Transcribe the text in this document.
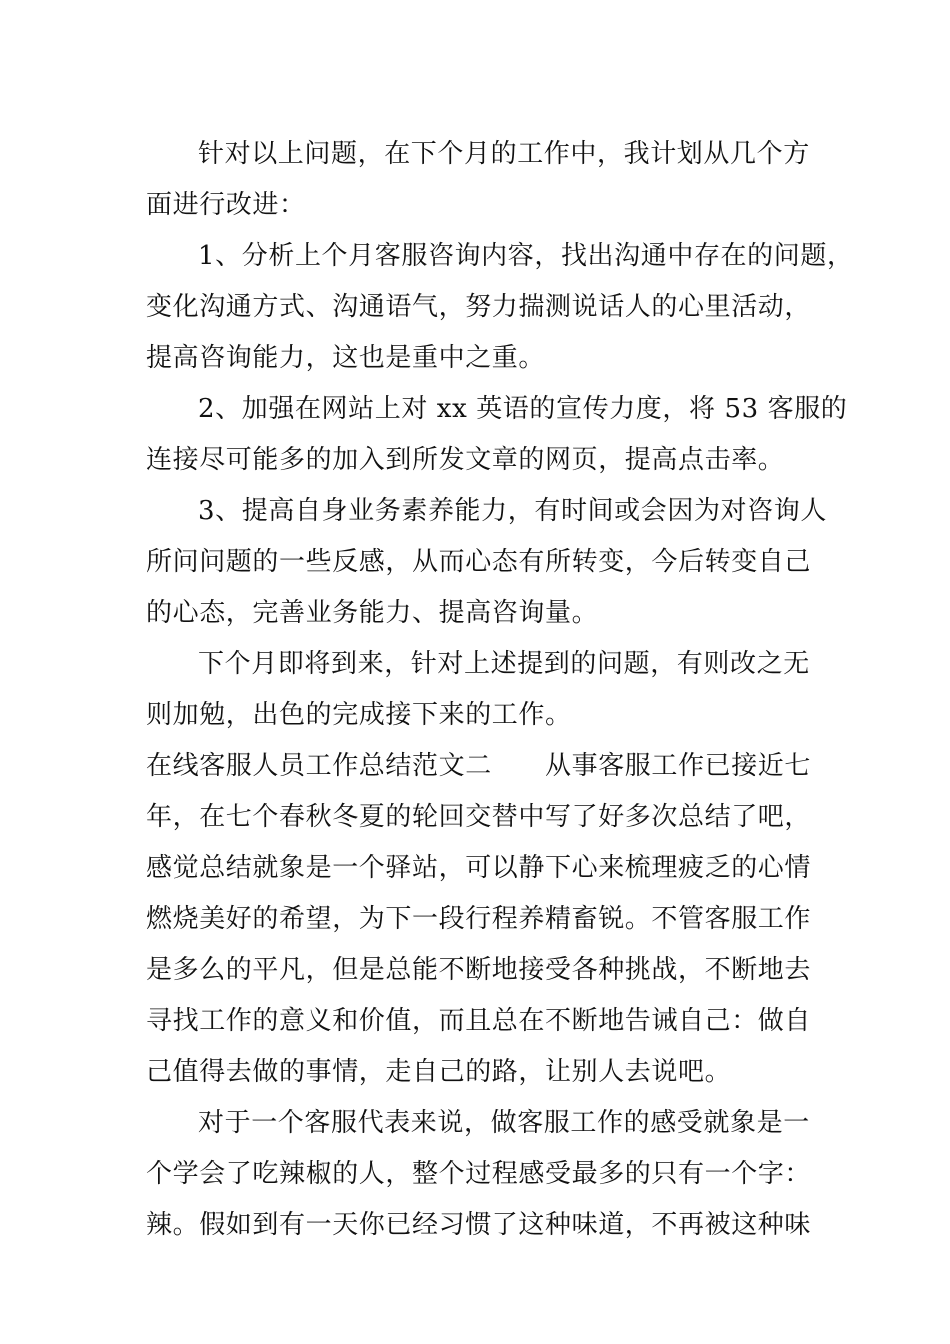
针对以上问题，在下个月的工作中，我计划从几个方
面进行改进：
1、分析上个月客服咨询内容，找出沟通中存在的问题，
变化沟通方式、沟通语气，努力揣测说话人的心里活动，
提高咨询能力，这也是重中之重。
2、加强在网站上对 xx 英语的宣传力度，将 53 客服的
连接尽可能多的加入到所发文章的网页，提高点击率。
3、提高自身业务素养能力，有时间或会因为对咨询人
所问问题的一些反感，从而心态有所转变，今后转变自己
的心态，完善业务能力、提高咨询量。
下个月即将到来，针对上述提到的问题，有则改之无
则加勉，出色的完成接下来的工作。
在线客服人员工作总结范文二　　从事客服工作已接近七
年，在七个春秋冬夏的轮回交替中写了好多次总结了吧，
感觉总结就象是一个驿站，可以静下心来梳理疲乏的心情
燃烧美好的希望，为下一段行程养精畜锐。不管客服工作
是多么的平凡，但是总能不断地接受各种挑战，不断地去
寻找工作的意义和价值，而且总在不断地告诫自己：做自
己值得去做的事情，走自己的路，让别人去说吧。
对于一个客服代表来说，做客服工作的感受就象是一
个学会了吃辣椒的人，整个过程感受最多的只有一个字：
辣。假如到有一天你已经习惯了这种味道，不再被这种味
